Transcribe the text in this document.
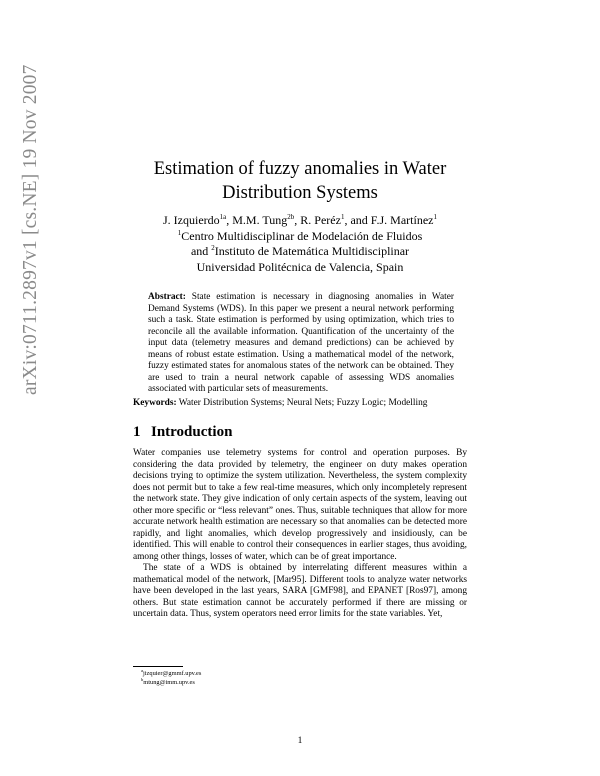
arXiv:0711.2897v1 [cs.NE] 19 Nov 2007	Estimation of fuzzy anomalies in Water
Distribution Systems
J. Izquierdo$^{1a}$, M.M. Tung$^{2b}$, R. Peréz$^1$, and F.J. Martínez$^1$
$^1$Centro Multidisciplinar de Modelación de Fluidos
and $^2$Instituto de Matemática Multidisciplinar
Universidad Politécnica de Valencia, Spain
Abstract: State estimation is necessary in diagnosing anomalies in Water Demand Systems (WDS). In this paper we present a neural network performing such a task. State estimation is performed by using optimization, which tries to reconcile all the available information. Quantification of the uncertainty of the input data (telemetry measures and demand predictions) can be achieved by means of robust estate estimation. Using a mathematical model of the network, fuzzy estimated states for anomalous states of the network can be obtained. They are used to train a neural network capable of assessing WDS anomalies associated with particular sets of measurements.
Keywords: Water Distribution Systems; Neural Nets; Fuzzy Logic; Modelling
1 Introduction

Water companies use telemetry systems for control and operation purposes. By considering the data provided by telemetry, the engineer on duty makes operation decisions trying to optimize the system utilization. Nevertheless, the system complexity does not permit but to take a few real-time measures, which only incompletely represent the network state. They give indication of only certain aspects of the system, leaving out other more specific or “less relevant” ones. Thus, suitable techniques that allow for more accurate network health estimation are necessary so that anomalies can be detected more rapidly, and light anomalies, which develop progressively and insidiously, can be identified. This will enable to control their consequences in earlier stages, thus avoiding, among other things, losses of water, which can be of great importance.

The state of a WDS is obtained by interrelating different measures within a mathematical model of the network, [Mar95]. Different tools to analyze water networks have been developed in the last years, SARA [GMF98], and EPANET [Ros97], among others. But state estimation cannot be accurately performed if there are missing or uncertain data. Thus, system operators need error limits for the state variables. Yet,

$^a$jizquier@gmmf.upv.es
$^b$mtung@imm.upv.es
1
